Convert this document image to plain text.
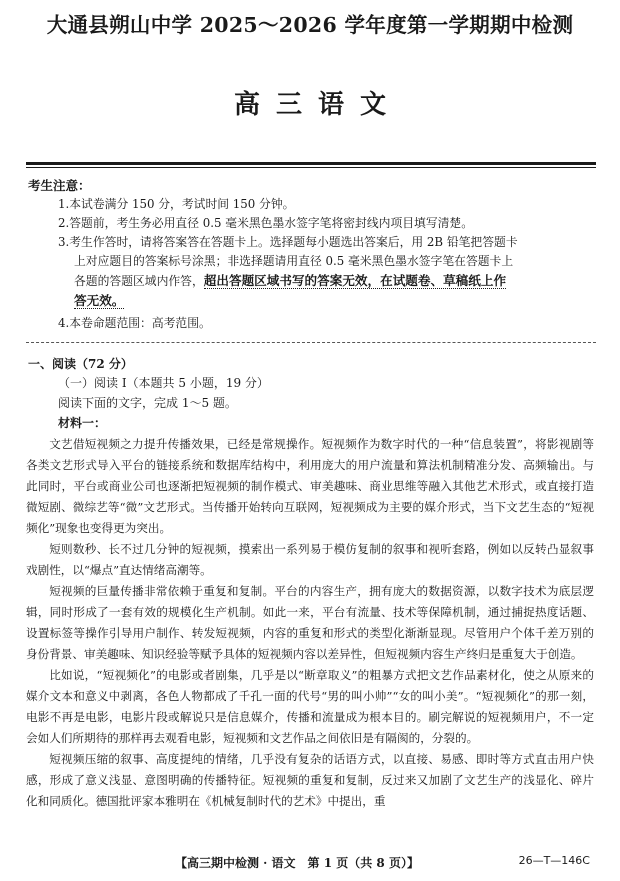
大通县朔山中学 2025～2026 学年度第一学期期中检测
高三语文
考生注意：
1.本试卷满分 150 分，考试时间 150 分钟。
2.答题前，考生务必用直径 0.5 毫米黑色墨水签字笔将密封线内项目填写清楚。
3.考生作答时，请将答案答在答题卡上。选择题每小题选出答案后，用 2B 铅笔把答题卡
上对应题目的答案标号涂黑；非选择题请用直径 0.5 毫米黑色墨水签字笔在答题卡上
各题的答题区域内作答，超出答题区域书写的答案无效，在试题卷、草稿纸上作
答无效。
4.本卷命题范围：高考范围。
一、阅读（72 分）
（一）阅读 Ⅰ（本题共 5 小题，19 分）
阅读下面的文字，完成 1～5 题。
材料一：

文艺借短视频之力提升传播效果，已经是常规操作。短视频作为数字时代的一种“信息装置”，将影视剧等各类文艺形式导入平台的链接系统和数据库结构中，利用庞大的用户流量和算法机制精准分发、高频输出。与此同时，平台或商业公司也逐渐把短视频的制作模式、审美趣味、商业思维等融入其他艺术形式，或直接打造微短剧、微综艺等“微”文艺形式。当传播开始转向互联网，短视频成为主要的媒介形式，当下文艺生态的“短视频化”现象也变得更为突出。

短则数秒、长不过几分钟的短视频，摸索出一系列易于模仿复制的叙事和视听套路，例如以反转凸显叙事戏剧性，以“爆点”直达情绪高潮等。

短视频的巨量传播非常依赖于重复和复制。平台的内容生产，拥有庞大的数据资源，以数字技术为底层逻辑，同时形成了一套有效的规模化生产机制。如此一来，平台有流量、技术等保障机制，通过捕捉热度话题、设置标签等操作引导用户制作、转发短视频，内容的重复和形式的类型化渐渐显现。尽管用户个体千差万别的身份背景、审美趣味、知识经验等赋予具体的短视频内容以差异性，但短视频内容生产终归是重复大于创造。

比如说，“短视频化”的电影或者剧集，几乎是以“断章取义”的粗暴方式把文艺作品素材化，使之从原来的媒介文本和意义中剥离，各色人物都成了千孔一面的代号“男的叫小帅”“女的叫小美”。“短视频化”的那一刻，电影不再是电影，电影片段或解说只是信息媒介，传播和流量成为根本目的。刷完解说的短视频用户，不一定会如人们所期待的那样再去观看电影，短视频和文艺作品之间依旧是有隔阂的，分裂的。

短视频压缩的叙事、高度提纯的情绪，几乎没有复杂的话语方式，以直接、易感、即时等方式直击用户快感，形成了意义浅显、意图明确的传播特征。短视频的重复和复制，反过来又加剧了文艺生产的浅显化、碎片化和同质化。德国批评家本雅明在《机械复制时代的艺术》中提出，重

【高三期中检测 · 语文　第 1 页（共 8 页）】	26—T—146C
